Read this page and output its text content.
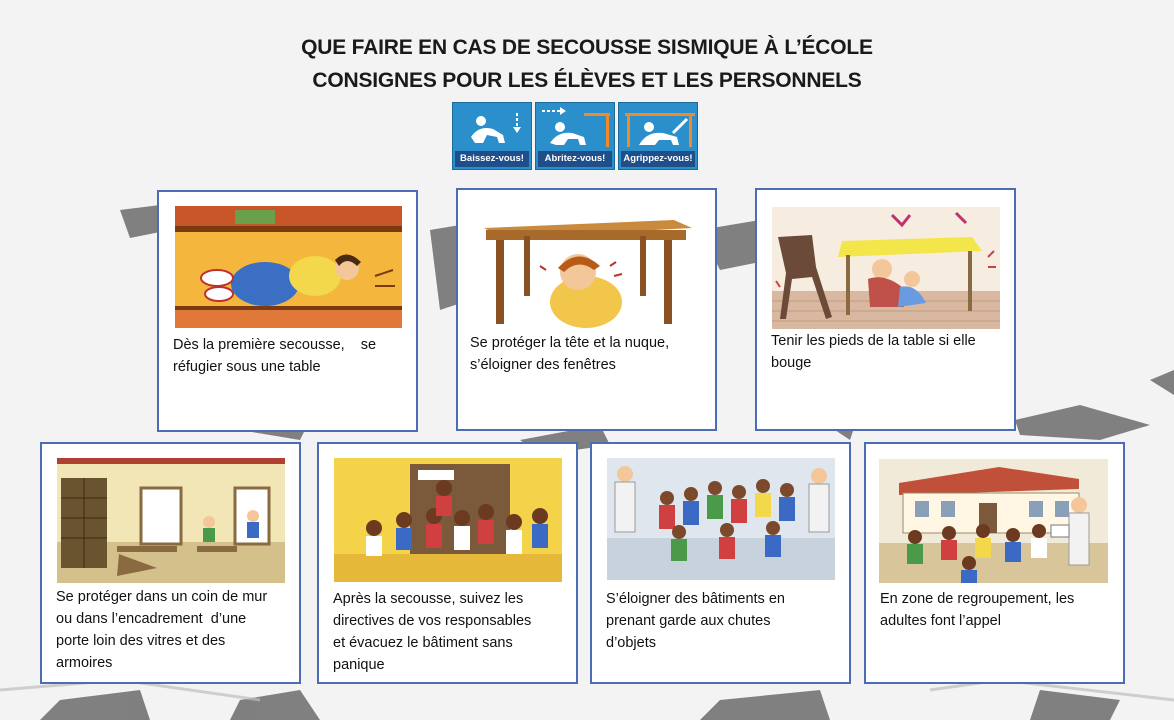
QUE FAIRE EN CAS DE SECOUSSE SISMIQUE À L’ÉCOLE
CONSIGNES POUR LES ÉLÈVES ET LES PERSONNELS
Baissez-vous!	Abritez-vous!	Agrippez-vous!
Dès la première secousse,    se
réfugier sous une table
Se protéger la tête et la nuque,
s’éloigner des fenêtres
Tenir les pieds de la table si elle
bouge
Se protéger dans un coin de mur
ou dans l’encadrement  d’une
porte loin des vitres et des
armoires
Après la secousse, suivez les
directives de vos responsables
et évacuez le bâtiment sans
panique
S’éloigner des bâtiments en
prenant garde aux chutes
d’objets
En zone de regroupement, les
adultes font l’appel
